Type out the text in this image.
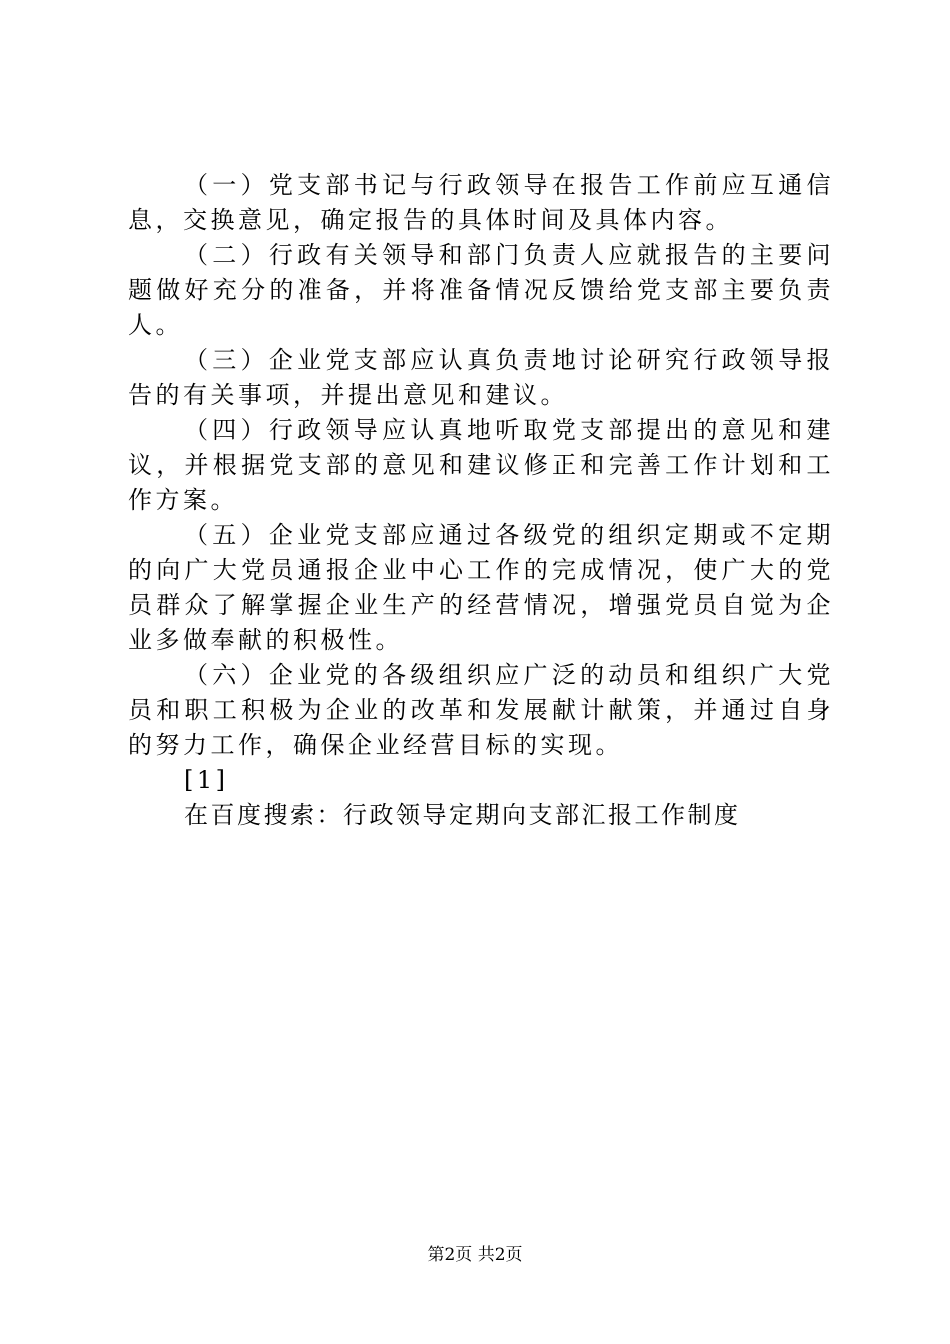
（一）党支部书记与行政领导在报告工作前应互通信息，交换意见，确定报告的具体时间及具体内容。

（二）行政有关领导和部门负责人应就报告的主要问题做好充分的准备，并将准备情况反馈给党支部主要负责人。

（三）企业党支部应认真负责地讨论研究行政领导报告的有关事项，并提出意见和建议。

（四）行政领导应认真地听取党支部提出的意见和建议，并根据党支部的意见和建议修正和完善工作计划和工作方案。

（五）企业党支部应通过各级党的组织定期或不定期的向广大党员通报企业中心工作的完成情况，使广大的党员群众了解掌握企业生产的经营情况，增强党员自觉为企业多做奉献的积极性。

（六）企业党的各级组织应广泛的动员和组织广大党员和职工积极为企业的改革和发展献计献策，并通过自身的努力工作，确保企业经营目标的实现。

[1]

在百度搜索：行政领导定期向支部汇报工作制度

第2页 共2页
